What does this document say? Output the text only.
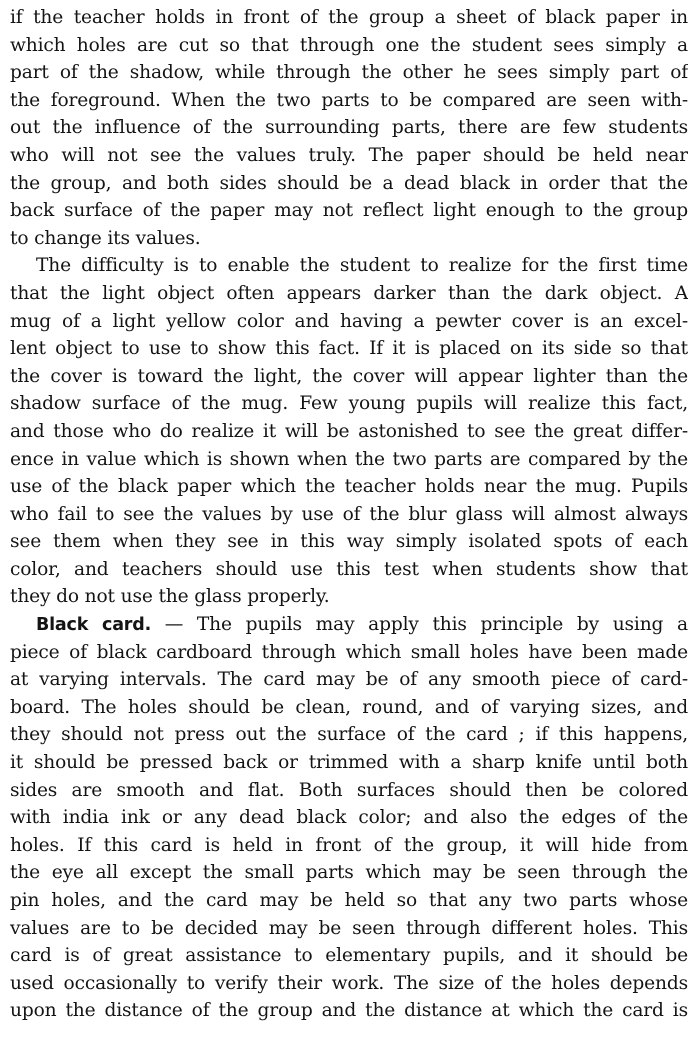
if the teacher holds in front of the group a sheet of black paper in
which holes are cut so that through one the student sees simply a
part of the shadow, while through the other he sees simply part of
the foreground. When the two parts to be compared are seen with-
out the influence of the surrounding parts, there are few students
who will not see the values truly. The paper should be held near
the group, and both sides should be a dead black in order that the
back surface of the paper may not reflect light enough to the group
to change its values.
The difficulty is to enable the student to realize for the first time
that the light object often appears darker than the dark object. A
mug of a light yellow color and having a pewter cover is an excel-
lent object to use to show this fact. If it is placed on its side so that
the cover is toward the light, the cover will appear lighter than the
shadow surface of the mug. Few young pupils will realize this fact,
and those who do realize it will be astonished to see the great differ-
ence in value which is shown when the two parts are compared by the
use of the black paper which the teacher holds near the mug. Pupils
who fail to see the values by use of the blur glass will almost always
see them when they see in this way simply isolated spots of each
color, and teachers should use this test when students show that
they do not use the glass properly.
Black card. — The pupils may apply this principle by using a
piece of black cardboard through which small holes have been made
at varying intervals. The card may be of any smooth piece of card-
board. The holes should be clean, round, and of varying sizes, and
they should not press out the surface of the card ; if this happens,
it should be pressed back or trimmed with a sharp knife until both
sides are smooth and flat. Both surfaces should then be colored
with india ink or any dead black color; and also the edges of the
holes. If this card is held in front of the group, it will hide from
the eye all except the small parts which may be seen through the
pin holes, and the card may be held so that any two parts whose
values are to be decided may be seen through different holes. This
card is of great assistance to elementary pupils, and it should be
used occasionally to verify their work. The size of the holes depends
upon the distance of the group and the distance at which the card is
